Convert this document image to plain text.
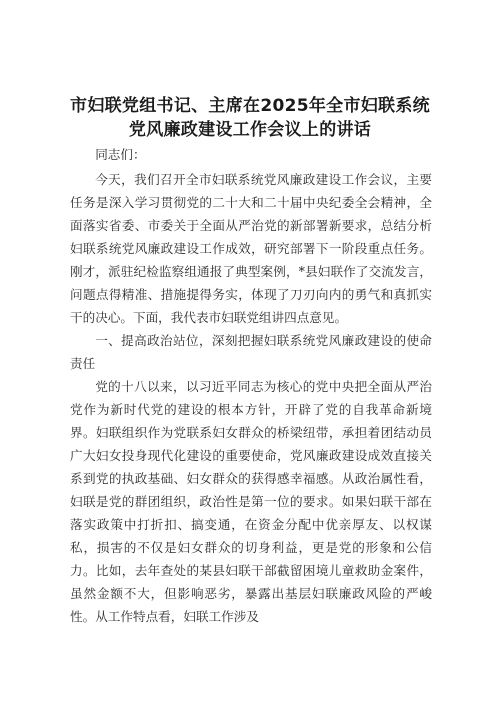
市妇联党组书记、主席在2025年全市妇联系统
党风廉政建设工作会议上的讲话

同志们：

今天，我们召开全市妇联系统党风廉政建设工作会议，主要任务是深入学习贯彻党的二十大和二十届中央纪委全会精神，全面落实省委、市委关于全面从严治党的新部署新要求，总结分析妇联系统党风廉政建设工作成效，研究部署下一阶段重点任务。刚才，派驻纪检监察组通报了典型案例，*县妇联作了交流发言，问题点得精准、措施提得务实，体现了刀刃向内的勇气和真抓实干的决心。下面，我代表市妇联党组讲四点意见。

一、提高政治站位，深刻把握妇联系统党风廉政建设的使命责任

党的十八以来，以习近平同志为核心的党中央把全面从严治党作为新时代党的建设的根本方针，开辟了党的自我革命新境界。妇联组织作为党联系妇女群众的桥梁纽带，承担着团结动员广大妇女投身现代化建设的重要使命，党风廉政建设成效直接关系到党的执政基础、妇女群众的获得感幸福感。从政治属性看，妇联是党的群团组织，政治性是第一位的要求。如果妇联干部在落实政策中打折扣、搞变通，在资金分配中优亲厚友、以权谋私，损害的不仅是妇女群众的切身利益，更是党的形象和公信力。比如，去年查处的某县妇联干部截留困境儿童救助金案件，虽然金额不大，但影响恶劣，暴露出基层妇联廉政风险的严峻性。从工作特点看，妇联工作涉及
